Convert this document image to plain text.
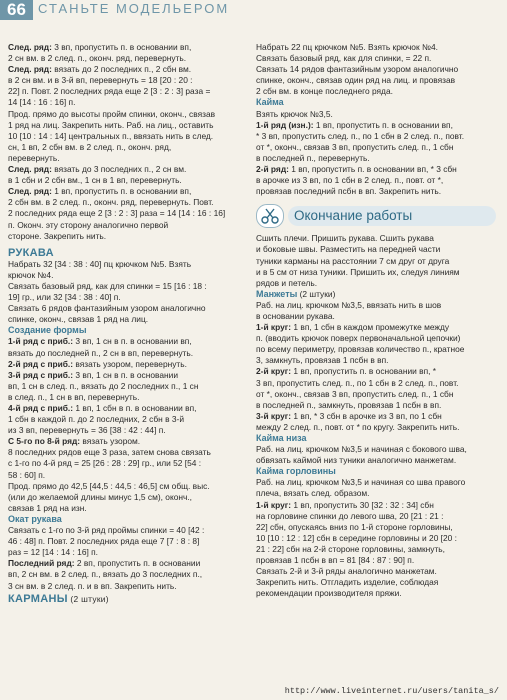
66 СТАНЬТЕ МОДЕЛЬЕРОМ
След. ряд: 3 вп, пропустить п. в основании вп,
2 сн вм. в 2 след. п., оконч. ряд, перевернуть.
След. ряд: вязать до 2 последних п., 2 сбн вм.
в 2 сн вм. и в 3-й вп, перевернуть = 18 [20 : 20 :
22] п. Повт. 2 последних ряда еще 2 [3 : 2 : 3] раза =
14 [14 : 16 : 16] п.
Прод. прямо до высоты пройм спинки, оконч., связав
1 ряд на лиц. Закрепить нить. Раб. на лиц., оставить
10 [10 : 14 : 14] центральных п., ввязать нить в след.
сн, 1 вп, 2 сбн вм. в 2 след. п., оконч. ряд,
перевернуть.
След. ряд: вязать до 3 последних п., 2 сн вм.
в 1 сбн и 2 сбн вм., 1 сн в 1 вп, перевернуть.
След. ряд: 1 вп, пропустить п. в основании вп,
2 сбн вм. в 2 след. п., оконч. ряд, перевернуть. Повт.
2 последних ряда еще 2 [3 : 2 : 3] раза = 14 [14 : 16 : 16]
п. Оконч. эту сторону аналогично первой
стороне. Закрепить нить.
РУКАВА
Набрать 32 [34 : 38 : 40] пц крючком №5. Взять
крючок №4.
Связать базовый ряд, как для спинки = 15 [16 : 18 :
19] гр., или 32 [34 : 38 : 40] п.
Связать 6 рядов фантазийным узором аналогично
спинке, оконч., связав 1 ряд на лиц.
Создание формы
1-й ряд с приб.: 3 вп, 1 сн в п. в основании вп,
вязать до последней п., 2 сн в вп, перевернуть.
2-й ряд с приб.: вязать узором, перевернуть.
3-й ряд с приб.: 3 вп, 1 сн в п. в основании
вп, 1 сн в след. п., вязать до 2 последних п., 1 сн
в след. п., 1 сн в вп, перевернуть.
4-й ряд с приб.: 1 вп, 1 сбн в п. в основании вп,
1 сбн в каждой п. до 2 последних, 2 сбн в 3-й
из 3 вп, перевернуть = 36 [38 : 42 : 44] п.
С 5-го по 8-й ряд: вязать узором.
8 последних рядов еще 3 раза, затем снова связать
с 1-го по 4-й ряд = 25 [26 : 28 : 29] гр., или 52 [54 :
58 : 60] п.
Прод. прямо до 42,5 [44,5 : 44,5 : 46,5] см общ. выс.
(или до желаемой длины минус 1,5 см), оконч.,
связав 1 ряд на изн.
Окат рукава
Связать с 1-го по 3-й ряд проймы спинки = 40 [42 :
46 : 48] п. Повт. 2 последних ряда еще 7 [7 : 8 : 8]
раз = 12 [14 : 14 : 16] п.
Последний ряд: 2 вп, пропустить п. в основании
вп, 2 сн вм. в 2 след. п., вязать до 3 последних п.,
3 сн вм. в 2 след. п. и в вп. Закрепить нить.
КАРМАНЫ (2 штуки)
Набрать 22 пц крючком №5. Взять крючок №4.
Связать базовый ряд, как для спинки, = 22 п.
Связать 14 рядов фантазийным узором аналогично
спинке, оконч., связав один ряд на лиц. и провязав
2 сбн вм. в конце последнего ряда.
Кайма
Взять крючок №3,5.
1-й ряд (изн.): 1 вп, пропустить п. в основании вп,
* 3 вп, пропустить след. п., по 1 сбн в 2 след. п., повт.
от *, оконч., связав 3 вп, пропустить след. п., 1 сбн
в последней п., перевернуть.
2-й ряд: 1 вп, пропустить п. в основании вп, * 3 сбн
в арочке из 3 вп, по 1 сбн в 2 след. п., повт. от *,
провязав последний псбн в вп. Закрепить нить.
Окончание работы
Сшить плечи. Пришить рукава. Сшить рукава
и боковые швы. Разместить на передней части
туники карманы на расстоянии 7 см друг от друга
и в 5 см от низа туники. Пришить их, следуя линиям
рядов и петель.
Манжеты (2 штуки)
Раб. на лиц. крючком №3,5, ввязать нить в шов
в основании рукава.
1-й круг: 1 вп, 1 сбн в каждом промежутке между
п. (вводить крючок поверх первоначальной цепочки)
по всему периметру, провязав количество п., кратное
3, замкнуть, провязав 1 псбн в вп.
2-й круг: 1 вп, пропустить п. в основании вп, *
3 вп, пропустить след. п., по 1 сбн в 2 след. п., повт.
от *, оконч., связав 3 вп, пропустить след. п., 1 сбн
в последней п., замкнуть, провязав 1 псбн в вп.
3-й круг: 1 вп, * 3 сбн в арочке из 3 вп, по 1 сбн
между 2 след. п., повт. от * по кругу. Закрепить нить.
Кайма низа
Раб. на лиц. крючком №3,5 и начиная с бокового шва,
обвязать каймой низ туники аналогично манжетам.
Кайма горловины
Раб. на лиц. крючком №3,5 и начиная со шва правого
плеча, вязать след. образом.
1-й круг: 1 вп, пропустить 30 [32 : 32 : 34] сбн
на горловине спинки до левого шва, 20 [21 : 21 :
22] сбн, опускаясь вниз по 1-й стороне горловины,
10 [10 : 12 : 12] сбн в середине горловины и 20 [20 :
21 : 22] сбн на 2-й стороне горловины, замкнуть,
провязав 1 псбн в вп = 81 [84 : 87 : 90] п.
Связать 2-й и 3-й ряды аналогично манжетам.
Закрепить нить. Отгладить изделие, соблюдая
рекомендации производителя пряжи.
http://www.liveinternet.ru/users/tanita_s/
